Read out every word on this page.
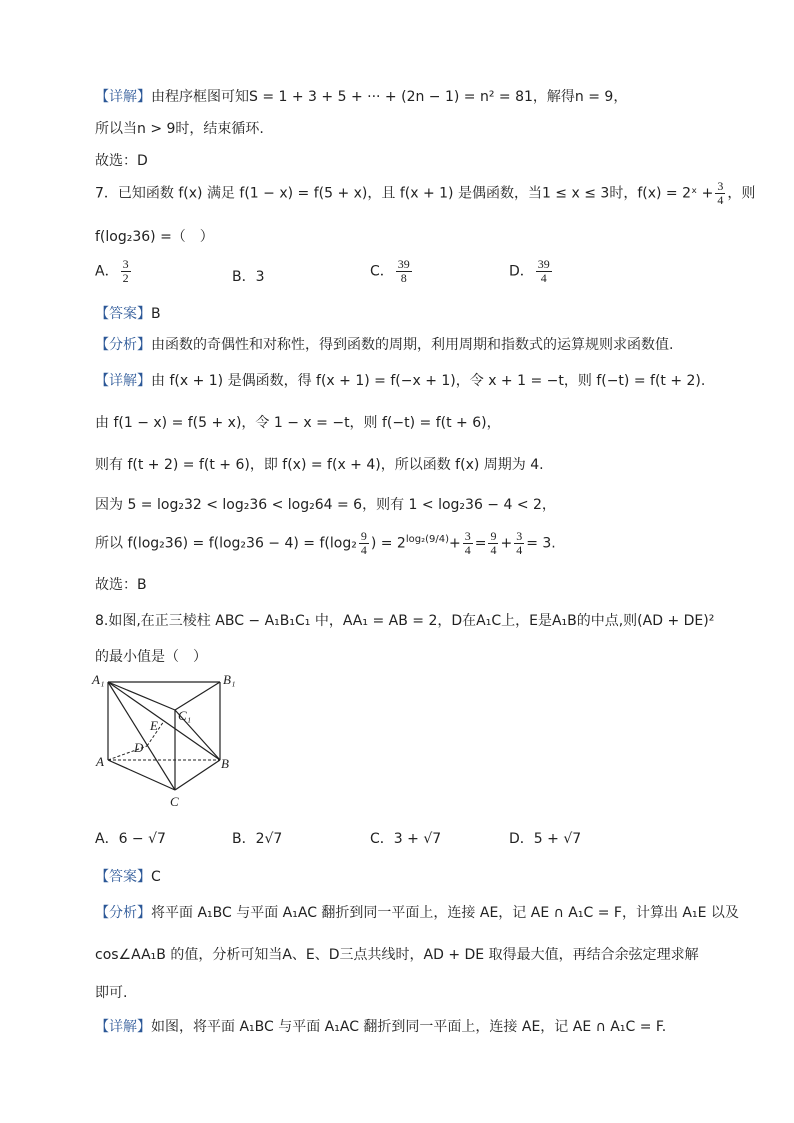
【详解】由程序框图可知S = 1 + 3 + 5 + ··· + (2n − 1) = n² = 81，解得n = 9，
所以当n > 9时，结束循环.
故选：D
7．已知函数 f(x) 满足 f(1 − x) = f(5 + x)，且 f(x + 1) 是偶函数，当1 ≤ x ≤ 3时，f(x) = 2ˣ + $\frac{3}{4}$ ，则
f(log₂36) =（　）
A． $\frac{3}{2}$	B．3	C． $\frac{39}{8}$	D． $\frac{39}{4}$
【答案】B
【分析】由函数的奇偶性和对称性，得到函数的周期，利用周期和指数式的运算规则求函数值.
【详解】由 f(x + 1) 是偶函数，得 f(x + 1) = f(−x + 1)，令 x + 1 = −t，则 f(−t) = f(t + 2).
由 f(1 − x) = f(5 + x)，令 1 − x = −t，则 f(−t) = f(t + 6)，
则有 f(t + 2) = f(t + 6)，即 f(x) = f(x + 4)，所以函数 f(x) 周期为 4.
因为 5 = log₂32 < log₂36 < log₂64 = 6，则有 1 < log₂36 − 4 < 2，
所以 $f(\log_236) = f(\log_236 - 4) = f(\log_2 \frac{9}{4}$ ) = $2^{log_2(9/4)}+ \frac{3}{4} = \frac{9}{4} + \frac{3}{4} = 3$.
故选：B
8.如图,在正三棱柱 ABC − A₁B₁C₁ 中，AA₁ = AB = 2，D在A₁C上，E是A₁B的中点,则(AD + DE)²
的最小值是（　）
A₁	B₁
C₁
E
D
A	B
C
A．6 − √7	B．2√7	C．3 + √7	D．5 + √7
【答案】C
【分析】将平面 A₁BC 与平面 A₁AC 翻折到同一平面上，连接 AE，记 AE ∩ A₁C = F，计算出 A₁E 以及
cos∠AA₁B 的值，分析可知当A、E、D三点共线时，AD + DE 取得最大值，再结合余弦定理求解
即可.
【详解】如图，将平面 A₁BC 与平面 A₁AC 翻折到同一平面上，连接 AE，记 AE ∩ A₁C = F.
